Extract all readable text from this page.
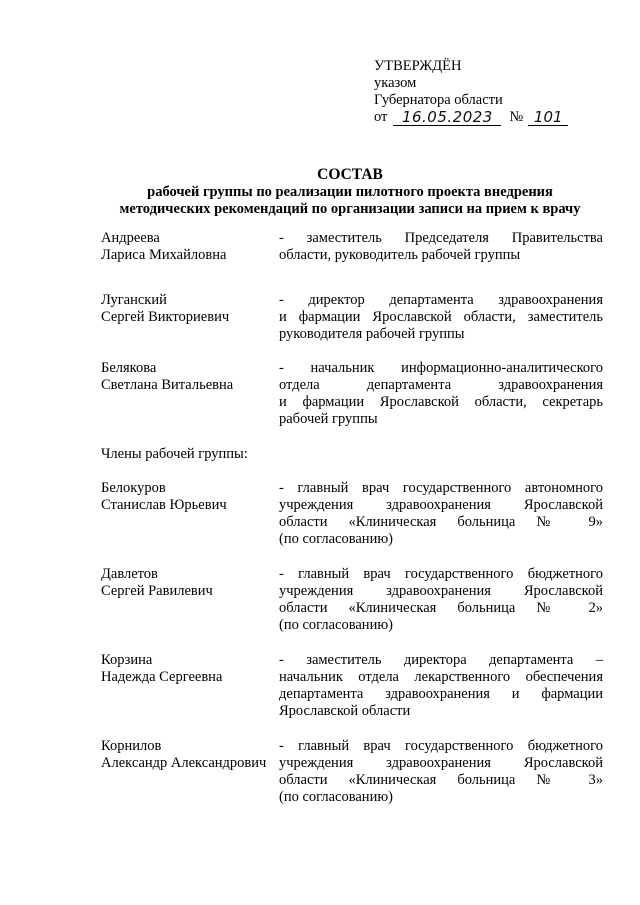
УТВЕРЖДЁН
указом
Губернатора области
от 16.05.2023	№ 101
СОСТАВ
рабочей группы по реализации пилотного проекта внедрения
методических рекомендаций по организации записи на прием к врачу
Андреева
Лариса Михайловна
- заместитель Председателя Правительства
области, руководитель рабочей группы
Луганский
Сергей Викториевич
- директор департамента здравоохранения
и фармации Ярославской области, заместитель
руководителя рабочей группы
Белякова
Светлана Витальевна
- начальник информационно-аналитического
отдела департамента здравоохранения
и фармации Ярославской области, секретарь
рабочей группы
Члены рабочей группы:
Белокуров
Станислав Юрьевич
- главный врач государственного автономного
учреждения здравоохранения Ярославской
области «Клиническая больница № 9»
(по согласованию)
Давлетов
Сергей Равилевич
- главный врач государственного бюджетного
учреждения здравоохранения Ярославской
области «Клиническая больница № 2»
(по согласованию)
Корзина
Надежда Сергеевна
- заместитель директора департамента –
начальник отдела лекарственного обеспечения
департамента здравоохранения и фармации
Ярославской области
Корнилов
Александр Александрович
- главный врач государственного бюджетного
учреждения здравоохранения Ярославской
области «Клиническая больница № 3»
(по согласованию)
